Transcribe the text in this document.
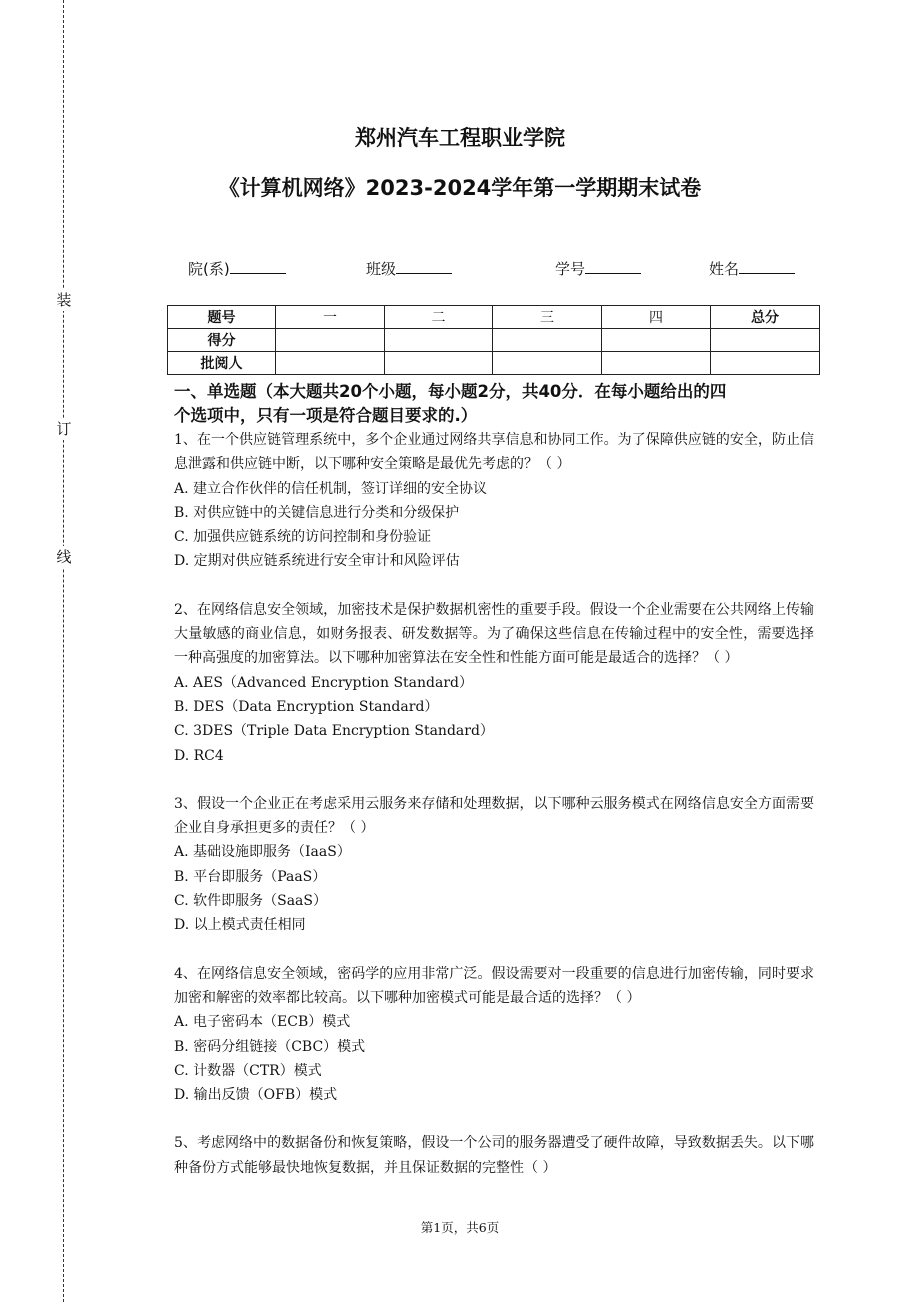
装
订
线
郑州汽车工程职业学院
《计算机网络》2023-2024学年第一学期期末试卷
院(系)	班级	学号	姓名
题号	一	二	三	四	总分
得分					
批阅人					

一、单选题（本大题共20个小题，每小题2分，共40分．在每小题给出的四

个选项中，只有一项是符合题目要求的.）

1、在一个供应链管理系统中，多个企业通过网络共享信息和协同工作。为了保障供应链的安全，防止信息泄露和供应链中断，以下哪种安全策略是最优先考虑的？（ ）

A. 建立合作伙伴的信任机制，签订详细的安全协议

B. 对供应链中的关键信息进行分类和分级保护

C. 加强供应链系统的访问控制和身份验证

D. 定期对供应链系统进行安全审计和风险评估

2、在网络信息安全领域，加密技术是保护数据机密性的重要手段。假设一个企业需要在公共网络上传输大量敏感的商业信息，如财务报表、研发数据等。为了确保这些信息在传输过程中的安全性，需要选择一种高强度的加密算法。以下哪种加密算法在安全性和性能方面可能是最适合的选择？（ ）

A. AES（Advanced Encryption Standard）

B. DES（Data Encryption Standard）

C. 3DES（Triple Data Encryption Standard）

D. RC4

3、假设一个企业正在考虑采用云服务来存储和处理数据，以下哪种云服务模式在网络信息安全方面需要企业自身承担更多的责任？（ ）

A. 基础设施即服务（IaaS）

B. 平台即服务（PaaS）

C. 软件即服务（SaaS）

D. 以上模式责任相同

4、在网络信息安全领域，密码学的应用非常广泛。假设需要对一段重要的信息进行加密传输，同时要求加密和解密的效率都比较高。以下哪种加密模式可能是最合适的选择？（ ）

A. 电子密码本（ECB）模式

B. 密码分组链接（CBC）模式

C. 计数器（CTR）模式

D. 输出反馈（OFB）模式

5、考虑网络中的数据备份和恢复策略，假设一个公司的服务器遭受了硬件故障，导致数据丢失。以下哪种备份方式能够最快地恢复数据，并且保证数据的完整性（ ）

第1页，共6页
